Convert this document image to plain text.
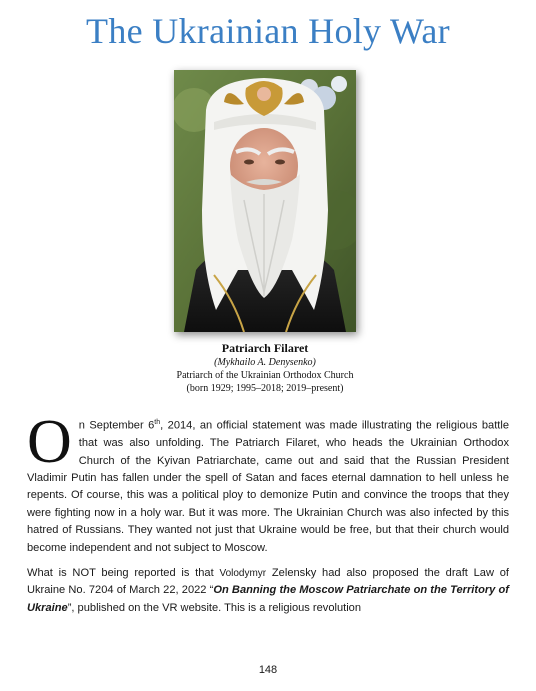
The Ukrainian Holy War
Patriarch Filaret
(Mykhailo A. Denysenko)
Patriarch of the Ukrainian Orthodox Church
(born 1929; 1995–2018; 2019–present)

On September 6th, 2014, an official statement was made illustrating the religious battle that was also unfolding. The Patriarch Filaret, who heads the Ukrainian Orthodox Church of the Kyivan Patriarchate, came out and said that the Russian President Vladimir Putin has fallen under the spell of Satan and faces eternal damnation to hell unless he repents. Of course, this was a political ploy to demonize Putin and convince the troops that they were fighting now in a holy war. But it was more. The Ukrainian Church was also infected by this hatred of Russians. They wanted not just that Ukraine would be free, but that their church would become independent and not subject to Moscow.

What is NOT being reported is that Volodymyr Zelensky had also proposed the draft Law of Ukraine No. 7204 of March 22, 2022 “On Banning the Moscow Patriarchate on the Territory of Ukraine”, published on the VR website. This is a religious revolution

148
